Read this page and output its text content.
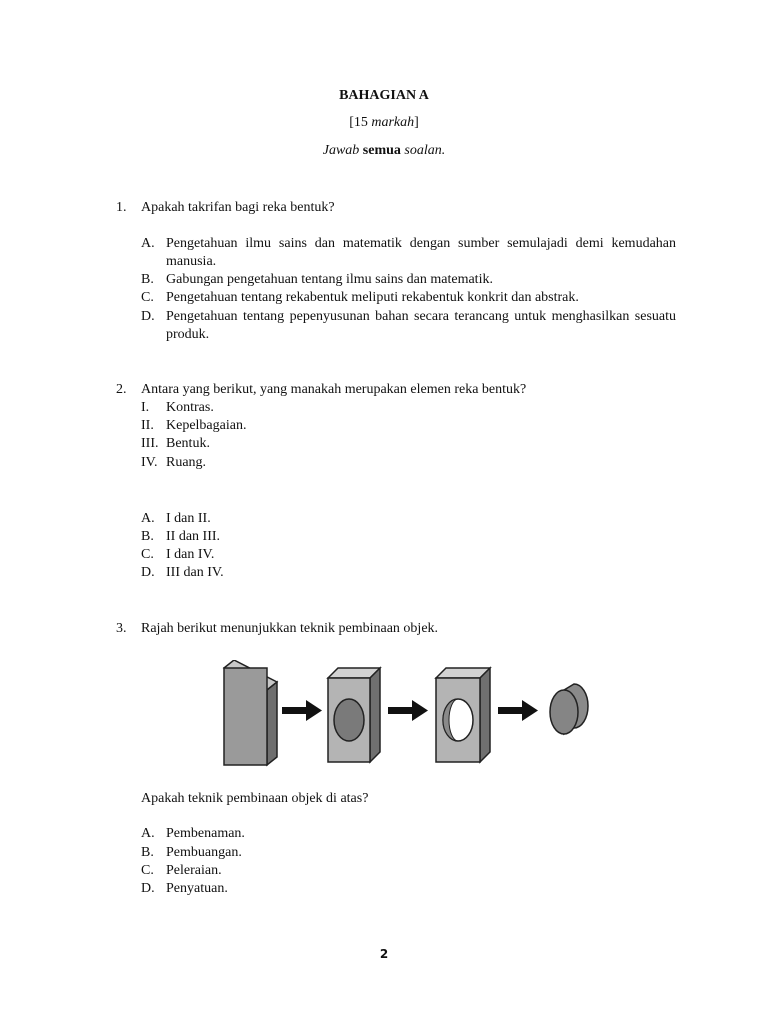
BAHAGIAN A
[15 markah]
Jawab semua soalan.
1. Apakah takrifan bagi reka bentuk?
A. Pengetahuan ilmu sains dan matematik dengan sumber semulajadi demi kemudahan manusia.
B. Gabungan pengetahuan tentang ilmu sains dan matematik.
C. Pengetahuan tentang rekabentuk meliputi rekabentuk konkrit dan abstrak.
D. Pengetahuan tentang pepenyusunan bahan secara terancang untuk menghasilkan sesuatu produk.
2. Antara yang berikut, yang manakah merupakan elemen reka bentuk?
I. Kontras.
II. Kepelbagaian.
III. Bentuk.
IV. Ruang.
A. I dan II.
B. II dan III.
C. I dan IV.
D. III dan IV.
3. Rajah berikut menunjukkan teknik pembinaan objek.
Apakah teknik pembinaan objek di atas?
A. Pembenaman.
B. Pembuangan.
C. Peleraian.
D. Penyatuan.
2
